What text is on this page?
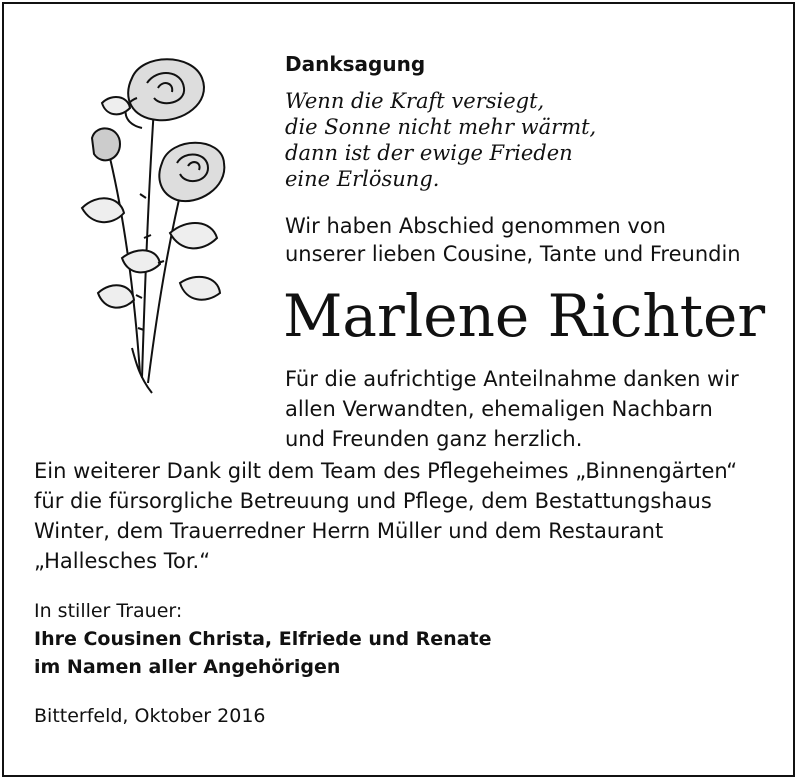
Danksagung
Wenn die Kraft versiegt,
die Sonne nicht mehr wärmt,
dann ist der ewige Frieden
eine Erlösung.
Wir haben Abschied genommen von
unserer lieben Cousine, Tante und Freundin
Marlene Richter
Für die aufrichtige Anteilnahme danken wir
allen Verwandten, ehemaligen Nachbarn
und Freunden ganz herzlich.
Ein weiterer Dank gilt dem Team des Pflegeheimes „Binnengärten“
für die fürsorgliche Betreuung und Pflege, dem Bestattungshaus
Winter, dem Trauerredner Herrn Müller und dem Restaurant
„Hallesches Tor.“
In stiller Trauer:
Ihre Cousinen Christa, Elfriede und Renate
im Namen aller Angehörigen
Bitterfeld, Oktober 2016
